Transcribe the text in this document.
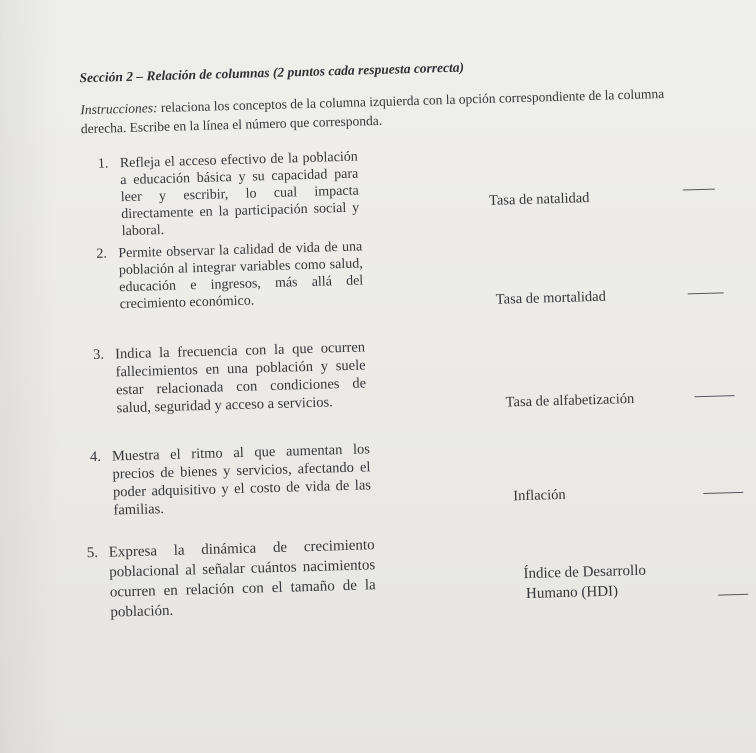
Sección 2 – Relación de columnas (2 puntos cada respuesta correcta)
Instrucciones: relaciona los conceptos de la columna izquierda con la opción correspondiente de la columna derecha. Escribe en la línea el número que corresponda.
1. Refleja el acceso efectivo de la población a educación básica y su capacidad para leer y escribir, lo cual impacta directamente en la participación social y laboral.
2. Permite observar la calidad de vida de una población al integrar variables como salud, educación e ingresos, más allá del crecimiento económico.
3. Indica la frecuencia con la que ocurren fallecimientos en una población y suele estar relacionada con condiciones de salud, seguridad y acceso a servicios.
4. Muestra el ritmo al que aumentan los precios de bienes y servicios, afectando el poder adquisitivo y el costo de vida de las familias.
5. Expresa la dinámica de crecimiento poblacional al señalar cuántos nacimientos ocurren en relación con el tamaño de la población.
Tasa de natalidad
Tasa de mortalidad
Tasa de alfabetización
Inflación
Índice de Desarrollo
Humano (HDI)
